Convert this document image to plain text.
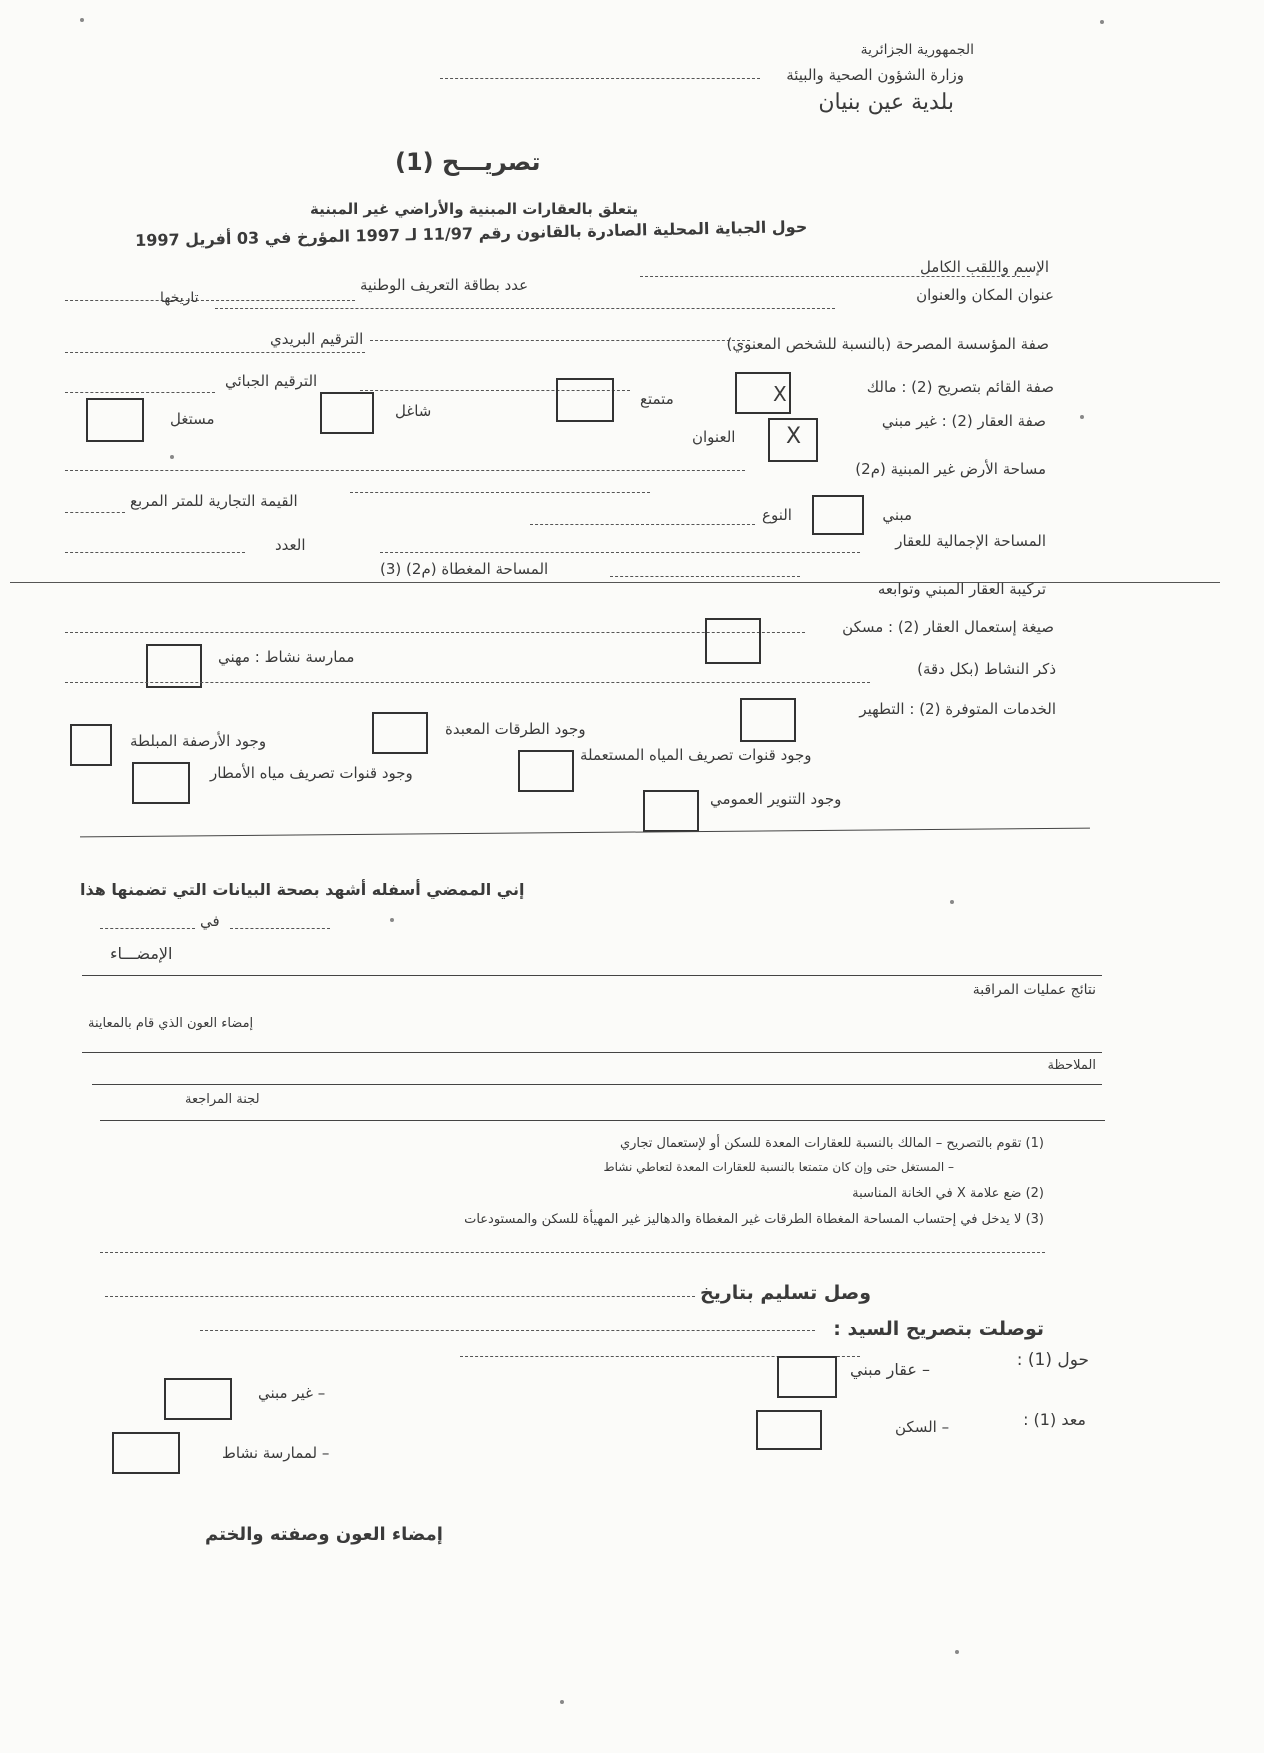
الجمهورية الجزائرية
وزارة الشؤون الصحية والبيئة
بلدية عين بنيان
تصريـــح (1)
يتعلق بالعقارات المبنية والأراضي غير المبنية
حول الجباية المحلية الصادرة بالقانون رقم 11/97 لـ 1997 المؤرخ في 03 أفريل 1997
الإسم واللقب الكامل
عدد بطاقة التعريف الوطنية
عنوان المكان والعنوان
تاريخها
الترقيم البريدي	صفة المؤسسة المصرحة (بالنسبة للشخص المعنوي)
الترقيم الجبائي	صفة القائم بتصريح (2) : مالك
X
متمتع
شاغل
مستغل	صفة العقار (2) : غير مبني
X
العنوان
مساحة الأرض غير المبنية (م2)
القيمة التجارية للمتر المربع
مبني
النوع
المساحة الإجمالية للعقار
العدد
المساحة المغطاة (م2) (3)
تركيبة العقار المبني وتوابعه
صيغة إستعمال العقار (2) : مسكن
ممارسة نشاط : مهني
ذكر النشاط (بكل دقة)
الخدمات المتوفرة (2) : التطهير
وجود الطرقات المعبدة
وجود الأرصفة المبلطة
وجود قنوات تصريف المياه المستعملة
وجود قنوات تصريف مياه الأمطار
وجود التنوير العمومي
إني الممضي أسفله أشهد بصحة البيانات التي تضمنها هذا
في
الإمضـــاء
نتائج عمليات المراقبة
إمضاء العون الذي قام بالمعاينة
الملاحظة
لجنة المراجعة
(1) تقوم بالتصريح – المالك بالنسبة للعقارات المعدة للسكن أو لإستعمال تجاري
– المستغل حتى وإن كان متمتعا بالنسبة للعقارات المعدة لتعاطي نشاط
(2) ضع علامة X في الخانة المناسبة
(3) لا يدخل في إحتساب المساحة المغطاة الطرقات غير المغطاة والدهاليز غير المهيأة للسكن والمستودعات
وصل تسليم بتاريخ
توصلت بتصريح السيد :
حول (1) :
– عقار مبني
– غير مبني
معد (1) :
– السكن
– لممارسة نشاط
إمضاء العون وصفته والختم
